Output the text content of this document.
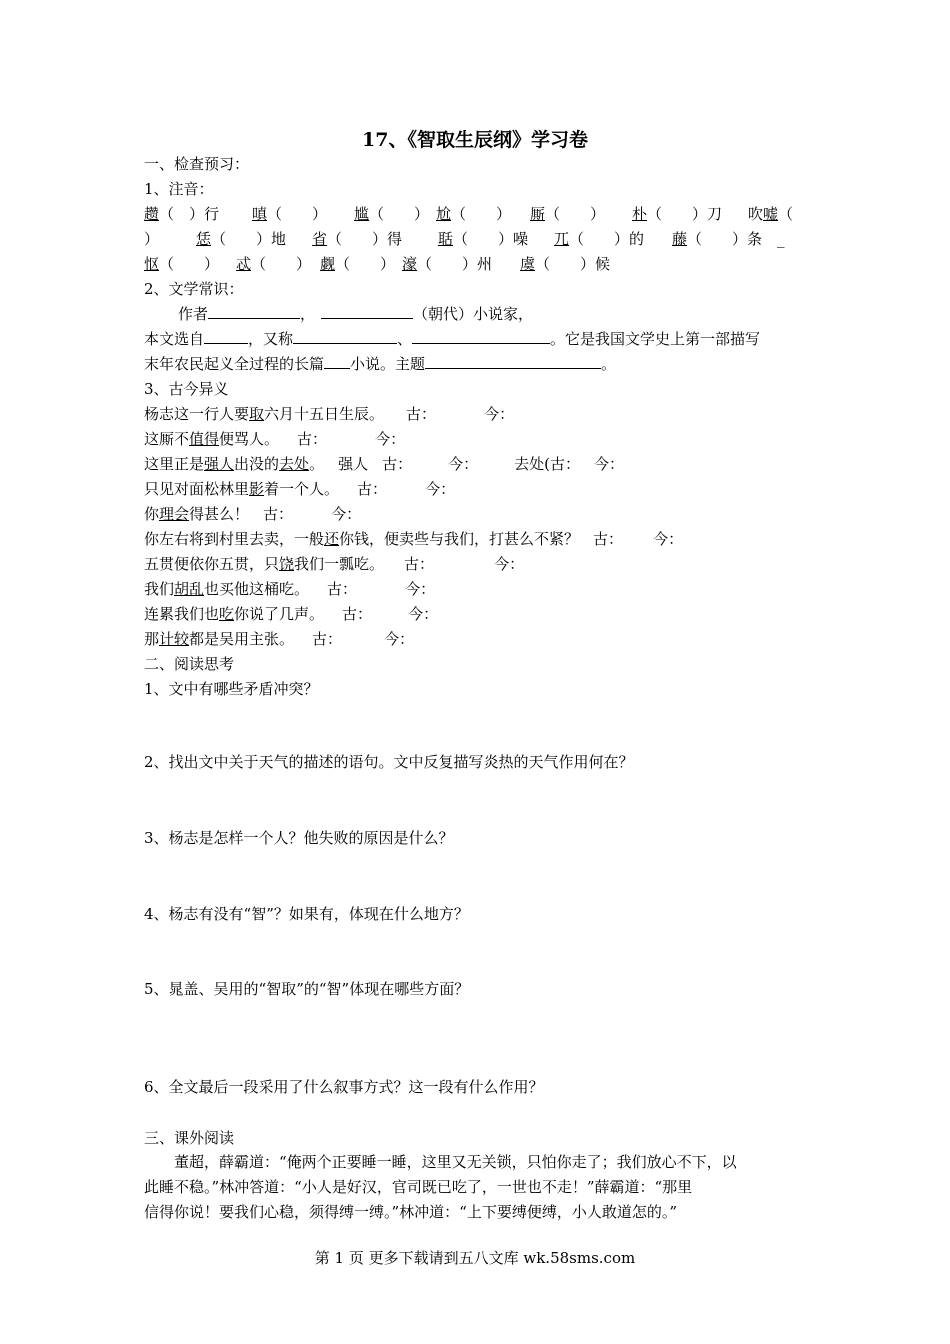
17、《智取生辰纲》学习卷
一、检查预习：
1、注音：
趱（　）行 嗔（　　） 尴（　　） 尬（　　） 厮（　　） 朴（　　）刀 吹嘘（
） 恁（　　）地 省（　　）得 聒（　　）噪 兀（　　）的 藤（　　）条　_
怄（　　） 忒（　　） 觑（　　） 濠（　　）州 虞（　　）候
2、文学常识：
作者	，	（朝代）小说家，
本文选自	，又称	、	。它是我国文学史上第一部描写
末年农民起义全过程的长篇 小说。主题	。
3、古今异义
杨志这一行人要取六月十五日生辰。 古：	今：
这厮不值得便骂人。 古：	今：
这里正是强人出没的去处。 强人 古： 今： 去处(古： 今：
只见对面松林里影着一个人。 古：	今：
你理会得甚么！ 古：	今：
你左右将到村里去卖，一般还你钱，便卖些与我们，打甚么不紧？ 古： 今：
五贯便依你五贯，只饶我们一瓢吃。 古：	今：
我们胡乱也买他这桶吃。 古：	今：
连累我们也吃你说了几声。 古： 今：
那计较都是吴用主张。 古：	今：
二、阅读思考
1、文中有哪些矛盾冲突？
2、找出文中关于天气的描述的语句。文中反复描写炎热的天气作用何在？
3、杨志是怎样一个人？他失败的原因是什么？
4、杨志有没有“智”？如果有，体现在什么地方？
5、晁盖、吴用的“智取”的“智”体现在哪些方面？
6、全文最后一段采用了什么叙事方式？这一段有什么作用？
三、课外阅读
董超，薛霸道：“俺两个正要睡一睡，这里又无关锁，只怕你走了；我们放心不下，以
此睡不稳。”林冲答道：“小人是好汉，官司既已吃了，一世也不走！”薛霸道：“那里
信得你说！要我们心稳，须得缚一缚。”林冲道：“上下要缚便缚，小人敢道怎的。”
第 1 页 更多下载请到五八文库 wk.58sms.com
